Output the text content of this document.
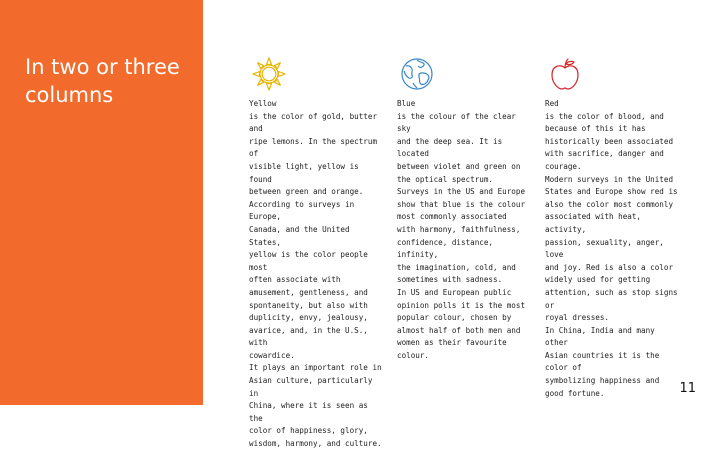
In two or three columns	Yellow
is the color of gold, butter and
ripe lemons. In the spectrum of
visible light, yellow is found
between green and orange.
According to surveys in Europe,
Canada, and the United States,
yellow is the color people most
often associate with
amusement, gentleness, and
spontaneity, but also with
duplicity, envy, jealousy,
avarice, and, in the U.S., with
cowardice.
It plays an important role in
Asian culture, particularly in
China, where it is seen as the
color of happiness, glory,
wisdom, harmony, and culture.
Blue
is the colour of the clear sky
and the deep sea. It is located
between violet and green on
the optical spectrum.
Surveys in the US and Europe
show that blue is the colour
most commonly associated
with harmony, faithfulness,
confidence, distance, infinity,
the imagination, cold, and
sometimes with sadness.
In US and European public
opinion polls it is the most
popular colour, chosen by
almost half of both men and
women as their favourite colour.
Red
is the color of blood, and
because of this it has
historically been associated
with sacrifice, danger and
courage.
Modern surveys in the United
States and Europe show red is
also the color most commonly
associated with heat, activity,
passion, sexuality, anger, love
and joy. Red is also a color
widely used for getting
attention, such as stop signs or
royal dresses.
In China, India and many other
Asian countries it is the color of
symbolizing happiness and
good fortune.	11
